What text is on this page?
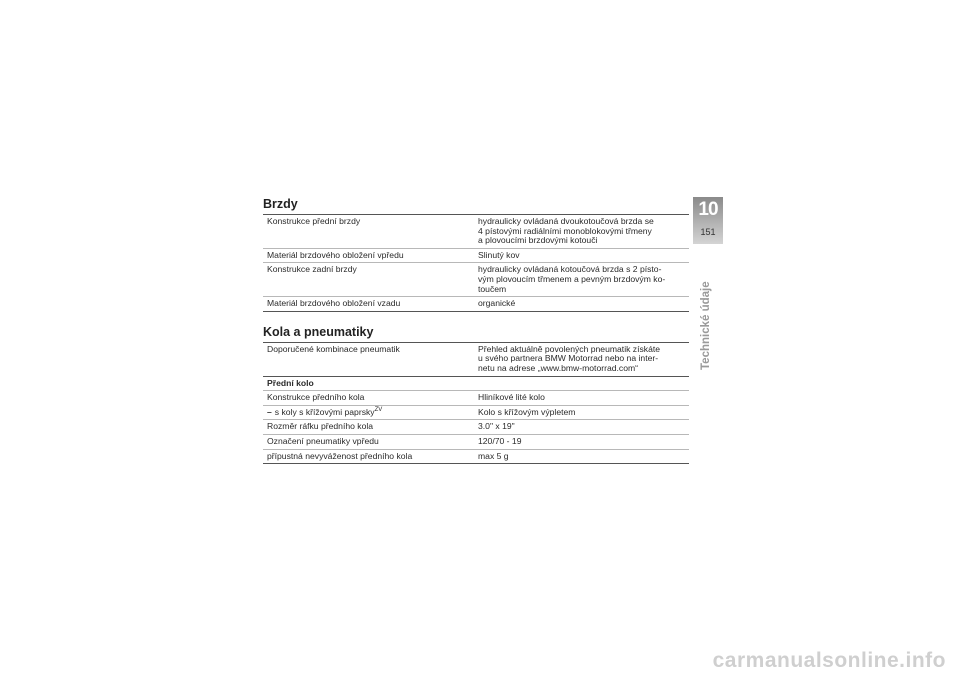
Brzdy
Konstrukce přední brzdy	hydraulicky ovládaná dvoukotoučová brzda se
4 pístovými radiálními monoblokovými třmeny
a plovoucími brzdovými kotouči
Materiál brzdového obložení vpředu	Slinutý kov
Konstrukce zadní brzdy	hydraulicky ovládaná kotoučová brzda s 2 písto-
vým plovoucím třmenem a pevným brzdovým ko-
toučem
Materiál brzdového obložení vzadu	organické
Kola a pneumatiky
Doporučené kombinace pneumatik	Přehled aktuálně povolených pneumatik získáte
u svého partnera BMW Motorrad nebo na inter-
netu na adrese „www.bmw-motorrad.com“
Přední kolo	
Konstrukce předního kola	Hliníkové lité kolo
– s koly s křížovými paprsky$^{ZV}$	Kolo s křížovým výpletem
Rozměr ráfku předního kola	3.0" x 19"
Označení pneumatiky vpředu	120/70 - 19
přípustná nevyváženost předního kola	max 5 g
10
151
Technické údaje
carmanualsonline.info
